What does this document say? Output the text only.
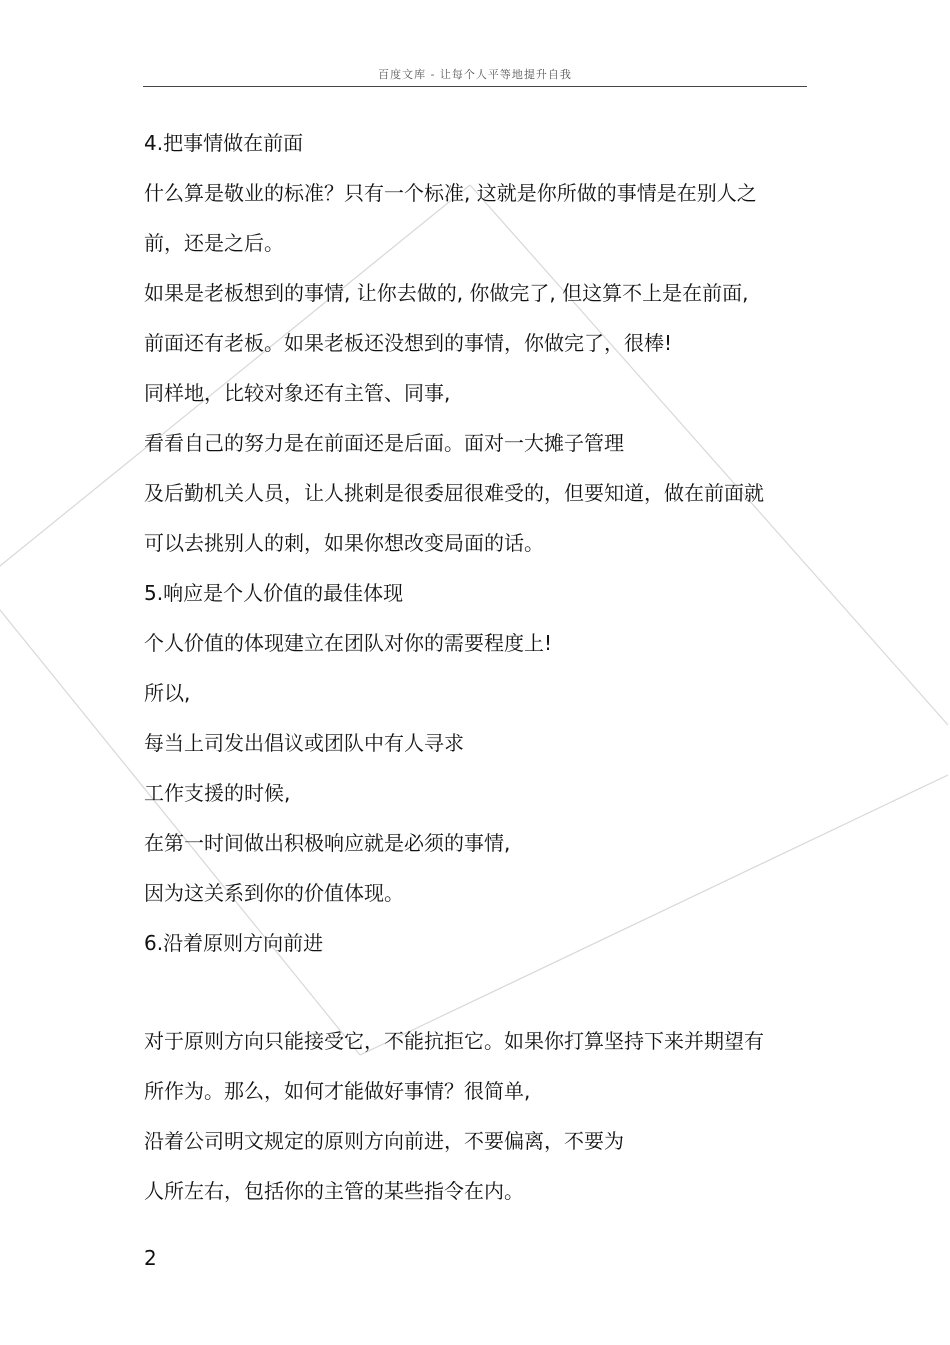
百度文库 - 让每个人平等地提升自我
4.把事情做在前面
什么算是敬业的标准？只有一个标准, 这就是你所做的事情是在别人之
前，还是之后。
如果是老板想到的事情, 让你去做的, 你做完了, 但这算不上是在前面,
前面还有老板。如果老板还没想到的事情，你做完了，很棒!
同样地，比较对象还有主管、同事,
看看自己的努力是在前面还是后面。面对一大摊子管理
及后勤机关人员，让人挑刺是很委屈很难受的，但要知道，做在前面就
可以去挑别人的刺，如果你想改变局面的话。
5.响应是个人价值的最佳体现
个人价值的体现建立在团队对你的需要程度上!
所以,
每当上司发出倡议或团队中有人寻求
工作支援的时候,
在第一时间做出积极响应就是必须的事情,
因为这关系到你的价值体现。
6.沿着原则方向前进
对于原则方向只能接受它，不能抗拒它。如果你打算坚持下来并期望有
所作为。那么，如何才能做好事情？很简单,
沿着公司明文规定的原则方向前进，不要偏离，不要为
人所左右，包括你的主管的某些指令在内。
2
